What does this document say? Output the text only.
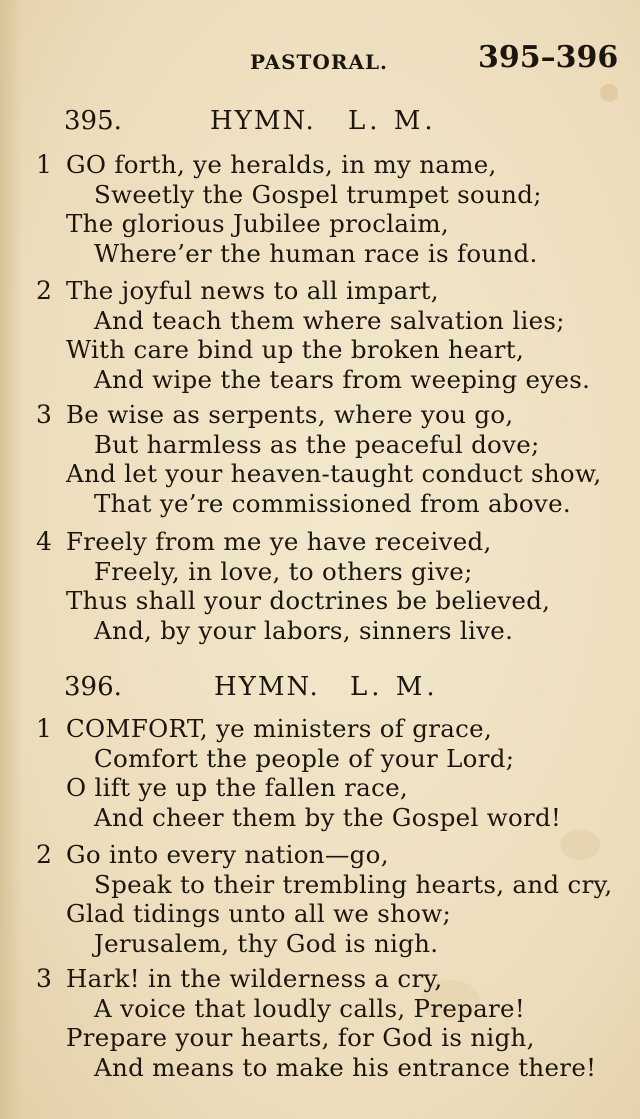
PASTORAL.	395–396
395.	HYMN. L. M.
1 GO forth, ye heralds, in my name,
Sweetly the Gospel trumpet sound;
The glorious Jubilee proclaim,
Where’er the human race is found.
2 The joyful news to all impart,
And teach them where salvation lies;
With care bind up the broken heart,
And wipe the tears from weeping eyes.
3 Be wise as serpents, where you go,
But harmless as the peaceful dove;
And let your heaven-taught conduct show,
That ye’re commissioned from above.
4 Freely from me ye have received,
Freely, in love, to others give;
Thus shall your doctrines be believed,
And, by your labors, sinners live.
396.	HYMN. L. M.
1 COMFORT, ye ministers of grace,
Comfort the people of your Lord;
O lift ye up the fallen race,
And cheer them by the Gospel word!
2 Go into every nation—go,
Speak to their trembling hearts, and cry,
Glad tidings unto all we show;
Jerusalem, thy God is nigh.
3 Hark! in the wilderness a cry,
A voice that loudly calls, Prepare!
Prepare your hearts, for God is nigh,
And means to make his entrance there!
